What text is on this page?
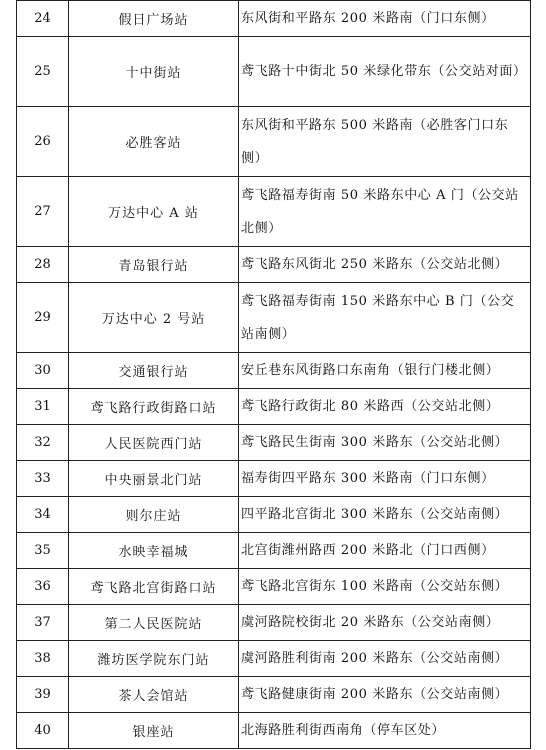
24	假日广场站	东风街和平路东 200 米路南（门口东侧）
25	十中街站	鸢飞路十中街北 50 米绿化带东（公交站对面）
26	必胜客站	东风街和平路东 500 米路南（必胜客门口东侧）
27	万达中心 A 站	鸢飞路福寿街南 50 米路东中心 A 门（公交站北侧）
28	青岛银行站	鸢飞路东风街北 250 米路东（公交站北侧）
29	万达中心 2 号站	鸢飞路福寿街南 150 米路东中心 B 门（公交站南侧）
30	交通银行站	安丘巷东风街路口东南角（银行门楼北侧）
31	鸢飞路行政街路口站	鸢飞路行政街北 80 米路西（公交站北侧）
32	人民医院西门站	鸢飞路民生街南 300 米路东（公交站北侧）
33	中央丽景北门站	福寿街四平路东 300 米路南（门口东侧）
34	则尔庄站	四平路北宫街北 300 米路东（公交站南侧）
35	水映幸福城	北宫街潍州路西 200 米路北（门口西侧）
36	鸢飞路北宫街路口站	鸢飞路北宫街东 100 米路南（公交站东侧）
37	第二人民医院站	虞河路院校街北 20 米路东（公交站南侧）
38	潍坊医学院东门站	虞河路胜利街南 200 米路东（公交站南侧）
39	茶人会馆站	鸢飞路健康街南 200 米路东（公交站南侧）
40	银座站	北海路胜利街西南角（停车区处）
